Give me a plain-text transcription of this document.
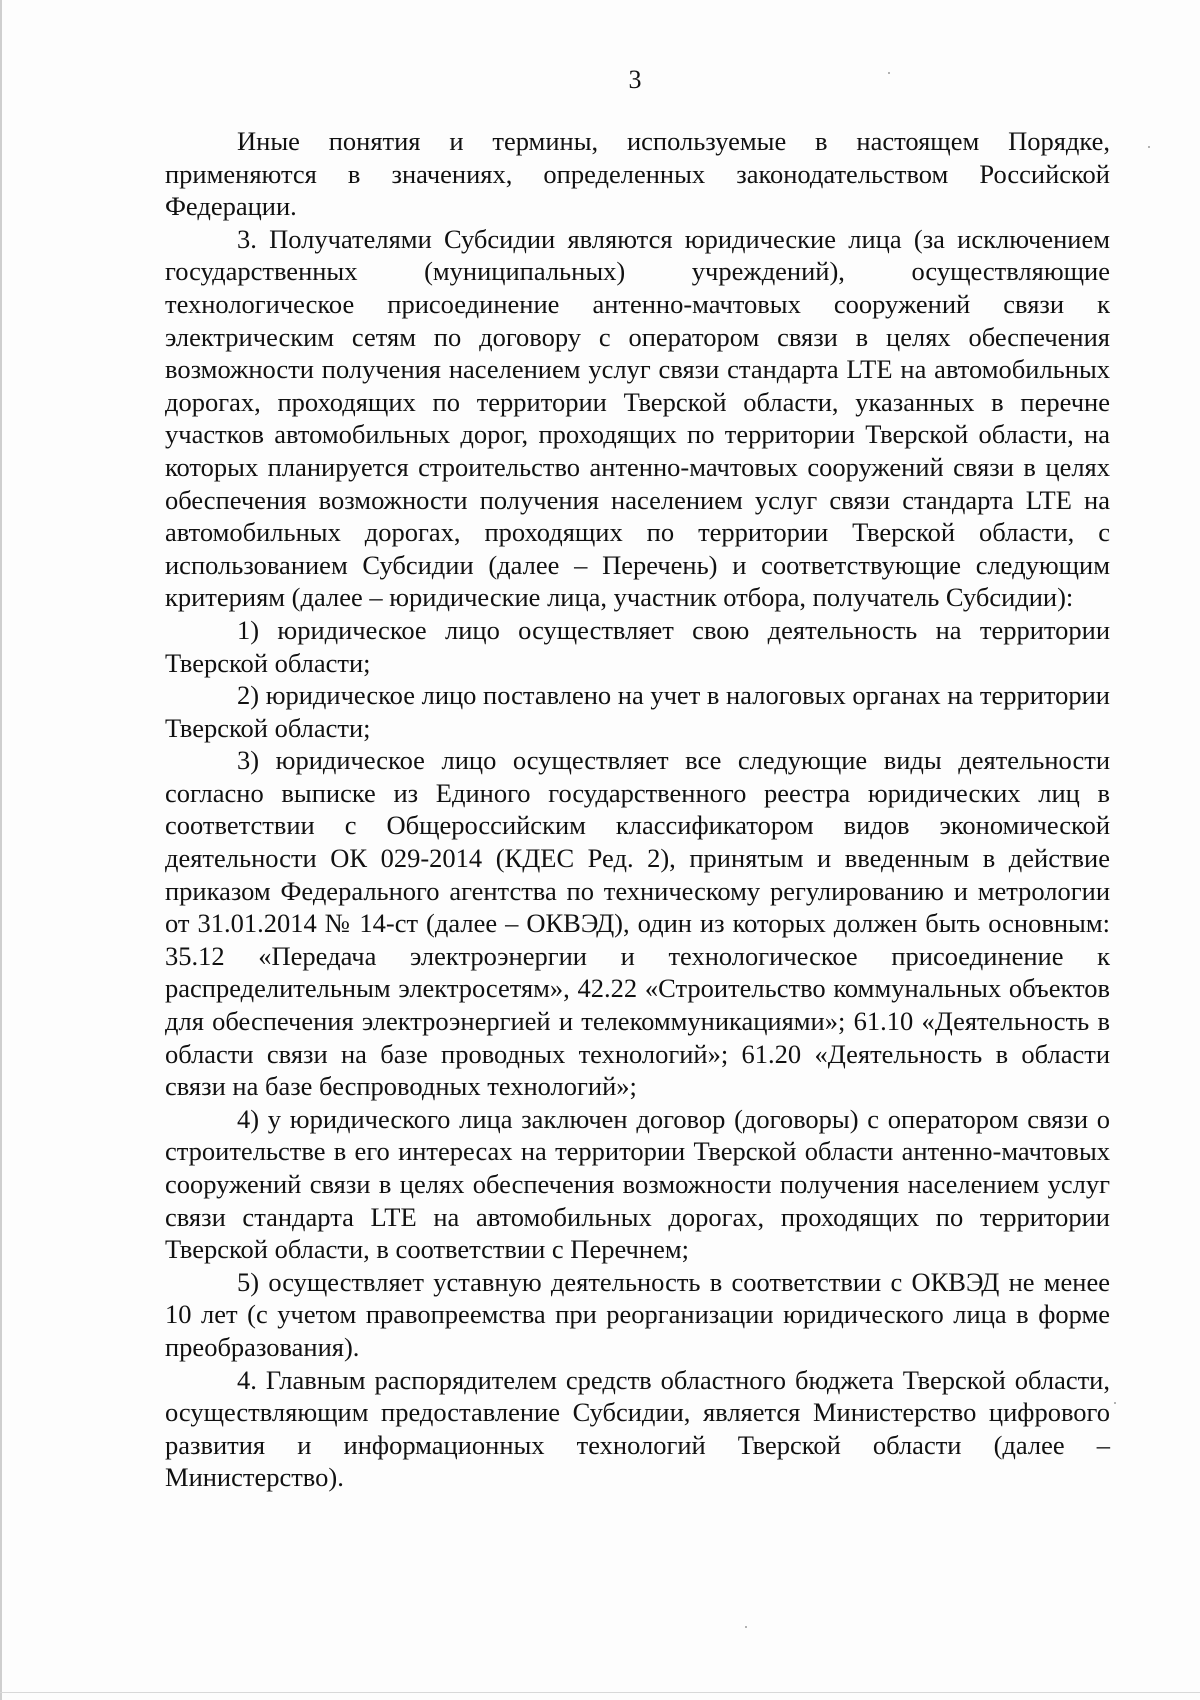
3

Иные понятия и термины, используемые в настоящем Порядке, применяются в значениях, определенных законодательством Российской Федерации.

3. Получателями Субсидии являются юридические лица (за исключением государственных (муниципальных) учреждений), осуществляющие технологическое присоединение антенно-мачтовых сооружений связи к электрическим сетям по договору с оператором связи в целях обеспечения возможности получения населением услуг связи стандарта LTE на автомобильных дорогах, проходящих по территории Тверской области, указанных в перечне участков автомобильных дорог, проходящих по территории Тверской области, на которых планируется строительство антенно-мачтовых сооружений связи в целях обеспечения возможности получения населением услуг связи стандарта LTE на автомобильных дорогах, проходящих по территории Тверской области, с использованием Субсидии (далее – Перечень) и соответствующие следующим критериям (далее – юридические лица, участник отбора, получатель Субсидии):

1) юридическое лицо осуществляет свою деятельность на территории Тверской области;

2) юридическое лицо поставлено на учет в налоговых органах на территории Тверской области;

3) юридическое лицо осуществляет все следующие виды деятельности согласно выписке из Единого государственного реестра юридических лиц в соответствии с Общероссийским классификатором видов экономической деятельности ОК 029-2014 (КДЕС Ред. 2), принятым и введенным в действие приказом Федерального агентства по техническому регулированию и метрологии от 31.01.2014 № 14-ст (далее – ОКВЭД), один из которых должен быть основным: 35.12 «Передача электроэнергии и технологическое присоединение к распределительным электросетям», 42.22 «Строительство коммунальных объектов для обеспечения электроэнергией и телекоммуникациями»; 61.10 «Деятельность в области связи на базе проводных технологий»; 61.20 «Деятельность в области связи на базе беспроводных технологий»;

4) у юридического лица заключен договор (договоры) с оператором связи о строительстве в его интересах на территории Тверской области антенно-мачтовых сооружений связи в целях обеспечения возможности получения населением услуг связи стандарта LTE на автомобильных дорогах, проходящих по территории Тверской области, в соответствии с Перечнем;

5) осуществляет уставную деятельность в соответствии с ОКВЭД не менее 10 лет (с учетом правопреемства при реорганизации юридического лица в форме преобразования).

4. Главным распорядителем средств областного бюджета Тверской области, осуществляющим предоставление Субсидии, является Министерство цифрового развития и информационных технологий Тверской области (далее – Министерство).
